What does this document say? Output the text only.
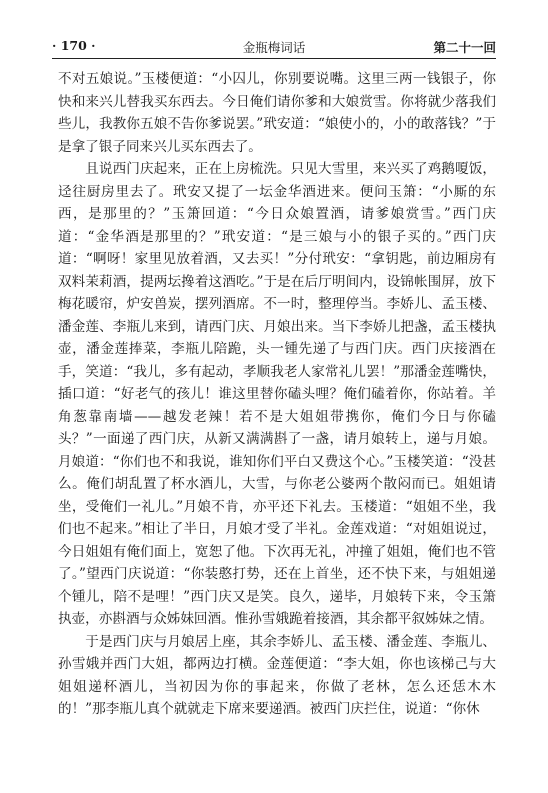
· 170 ·	金瓶梅词话	第二十一回

不对五娘说。”玉楼便道：“小囚儿，你别要说嘴。这里三两一钱银子，你快和来兴儿替我买东西去。今日俺们请你爹和大娘赏雪。你将就少落我们些儿，我教你五娘不告你爹说罢。”玳安道：“娘使小的，小的敢落钱？”于是拿了银子同来兴儿买东西去了。

且说西门庆起来，正在上房梳洗。只见大雪里，来兴买了鸡鹅嗄饭，迳往厨房里去了。玳安又提了一坛金华酒进来。便问玉箫：“小厮的东西，是那里的？”玉箫回道：“今日众娘置酒，请爹娘赏雪。”西门庆道：“金华酒是那里的？”玳安道：“是三娘与小的银子买的。”西门庆道：“啊呀！家里见放着酒，又去买！”分付玳安：“拿钥匙，前边厢房有双料茉莉酒，提两坛搀着这酒吃。”于是在后厅明间内，设锦帐围屏，放下梅花暖帘，炉安兽炭，摆列酒席。不一时，整理停当。李娇儿、孟玉楼、潘金莲、李瓶儿来到，请西门庆、月娘出来。当下李娇儿把盏，孟玉楼执壶，潘金莲捧菜，李瓶儿陪跪，头一锺先递了与西门庆。西门庆接酒在手，笑道：“我儿，多有起动，孝顺我老人家常礼儿罢！”那潘金莲嘴快，插口道：“好老气的孩儿！谁这里替你磕头哩？俺们磕着你，你站着。羊角葱靠南墙——越发老辣！若不是大姐姐带携你，俺们今日与你磕头？”一面递了西门庆，从新又满满斟了一盏，请月娘转上，递与月娘。月娘道：“你们也不和我说，谁知你们平白又费这个心。”玉楼笑道：“没甚么。俺们胡乱置了杯水酒儿，大雪，与你老公婆两个散闷而已。姐姐请坐，受俺们一礼儿。”月娘不肯，亦平还下礼去。玉楼道：“姐姐不坐，我们也不起来。”相让了半日，月娘才受了半礼。金莲戏道：“对姐姐说过，今日姐姐有俺们面上，宽恕了他。下次再无礼，冲撞了姐姐，俺们也不管了。”望西门庆说道：“你装憨打势，还在上首坐，还不快下来，与姐姐递个锺儿，陪不是哩！”西门庆又是笑。良久，递毕，月娘转下来，令玉箫执壶，亦斟酒与众姊妹回酒。惟孙雪娥跪着接酒，其余都平叙姊妹之情。

于是西门庆与月娘居上座，其余李娇儿、孟玉楼、潘金莲、李瓶儿、孙雪娥并西门大姐，都两边打横。金莲便道：“李大姐，你也该梯己与大姐姐递杯酒儿，当初因为你的事起来，你做了老林，怎么还恁木木的！”那李瓶儿真个就就走下席来要递酒。被西门庆拦住，说道：“你休
